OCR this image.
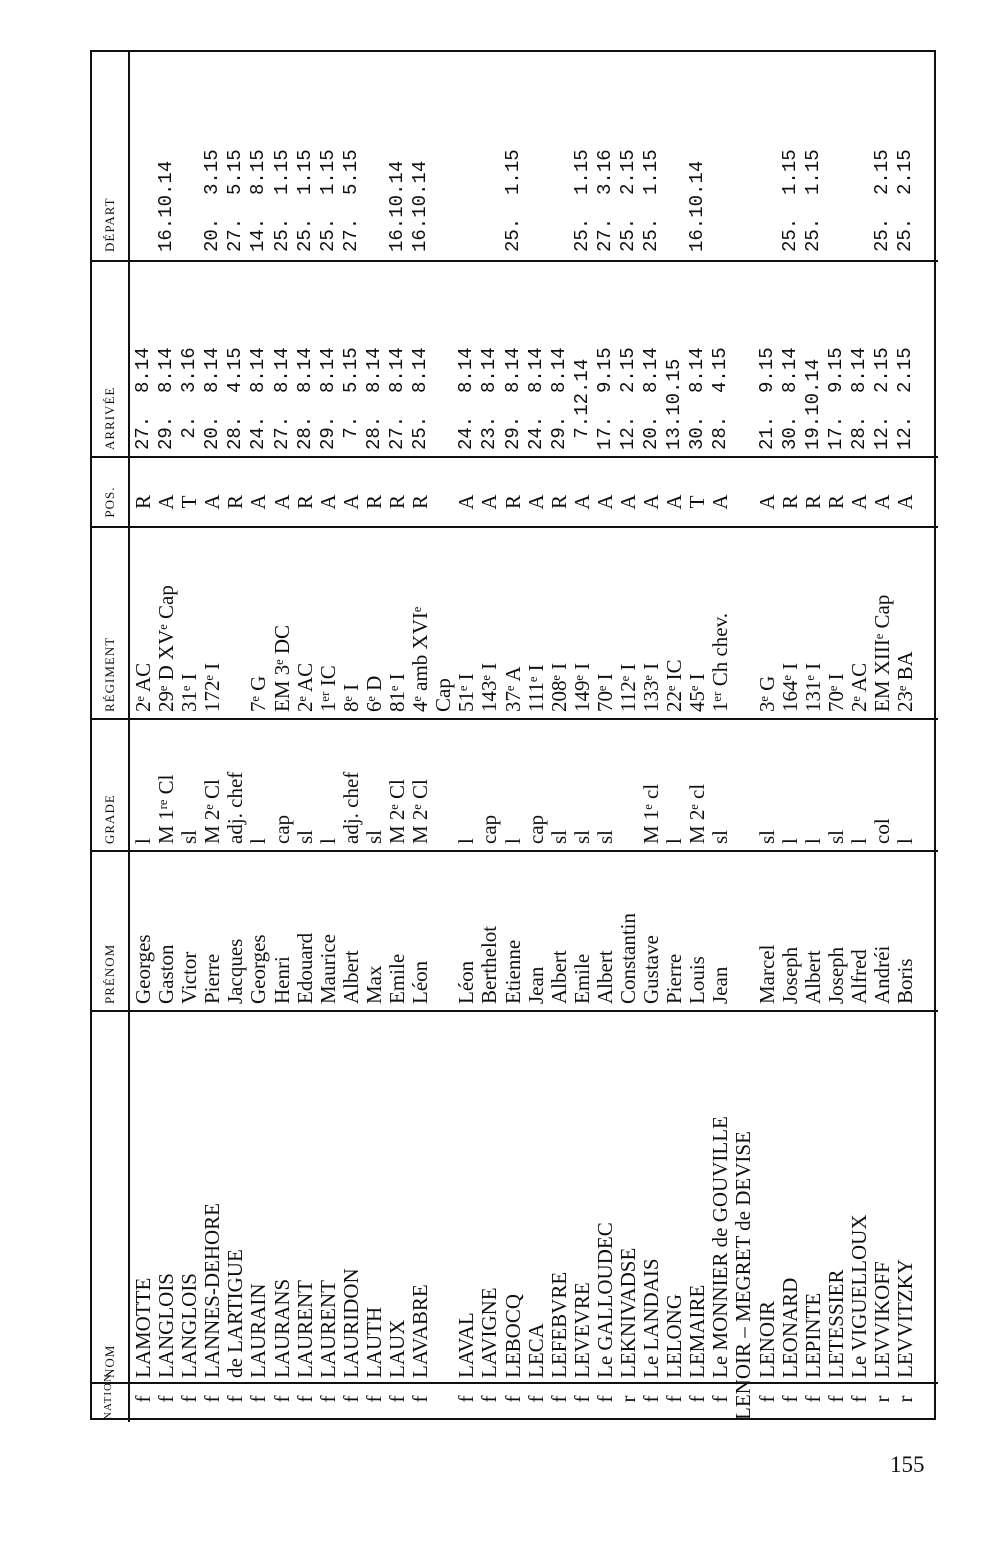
NATION
NOM
PRÉNOM
GRADE
RÉGIMENT
POS.
ARRIVÉE
DÉPART
f
LAMOTTE
Georges
l
2ᵉ AC
R
27.  8.14
f
LANGLOIS
Gaston
M 1ʳᵉ Cl
29ᵉ D XVᵉ Cap
A
29.  8.14
16.10.14
f
LANGLOIS
Victor
sl
31ᵉ I
T
2.  3.16
f
LANNES-DEHORE
Pierre
M 2ᵉ Cl
172ᵉ I
A
20.  8.14
20.  3.15
f
de LARTIGUE
Jacques
adj. chef
R
28.  4.15
27.  5.15
f
LAURAIN
Georges
l
7ᵉ G
A
24.  8.14
14.  8.15
f
LAURANS
Henri
cap
EM 3ᵉ DC
A
27.  8.14
25.  1.15
f
LAURENT
Edouard
sl
2ᵉ AC
R
28.  8.14
25.  1.15
f
LAURENT
Maurice
l
1ᵉʳ IC
A
29.  8.14
25.  1.15
f
LAURIDON
Albert
adj. chef
8ᵉ I
A
7.  5.15
27.  5.15
f
LAUTH
Max
sl
6ᵉ D
R
28.  8.14
f
LAUX
Emile
M 2ᵉ Cl
81ᵉ I
R
27.  8.14
16.10.14
f
LAVABRE
Léon
M 2ᵉ Cl
4ᵉ amb XVIᵉ
R
25.  8.14
16.10.14
Cap
f
LAVAL
Léon
l
51ᵉ I
A
24.  8.14
f
LAVIGNE
Berthelot
cap
143ᵉ I
A
23.  8.14
f
LEBOCQ
Etienne
l
37ᵉ A
R
29.  8.14
25.  1.15
f
LECA
Jean
cap
111ᵉ I
A
24.  8.14
f
LEFEBVRE
Albert
sl
208ᵉ I
R
29.  8.14
f
LEVEVRE
Emile
sl
149ᵉ I
A
7.12.14
25.  1.15
f
Le GALLOUDEC
Albert
sl
70ᵉ I
A
17.  9.15
27.  3.16
r
LEKNIVADSE
Constantin
112ᵉ I
A
12.  2.15
25.  2.15
f
Le LANDAIS
Gustave
M 1ᵉ cl
133ᵉ I
A
20.  8.14
25.  1.15
f
LELONG
Pierre
l
22ᵉ IC
A
13.10.15
f
LEMAIRE
Louis
M 2ᵉ cl
45ᵉ I
T
30.  8.14
16.10.14
f
Le MONNIER de GOUVILLE
Jean
sl
1ᵉʳ Ch chev.
A
28.  4.15
LENOIR – MEGRET de DEVISE f
LENOIR
Marcel
sl
3ᵉ G
A
21.  9.15
f
LEONARD
Joseph
l
164ᵉ I
R
30.  8.14
25.  1.15
f
LEPINTE
Albert
l
131ᵉ I
R
19.10.14
25.  1.15
f
LETESSIER
Joseph
sl
70ᵉ I
R
17.  9.15
f
Le VIGUELLOUX
Alfred
l
2ᵉ AC
A
28.  8.14
r
LEVVIKOFF
Andréi
col
EM XIIIᵉ Cap
A
12.  2.15
25.  2.15
r
LEVVITZKY
Boris
l
23ᵉ BA
A
12.  2.15
25.  2.15
155
